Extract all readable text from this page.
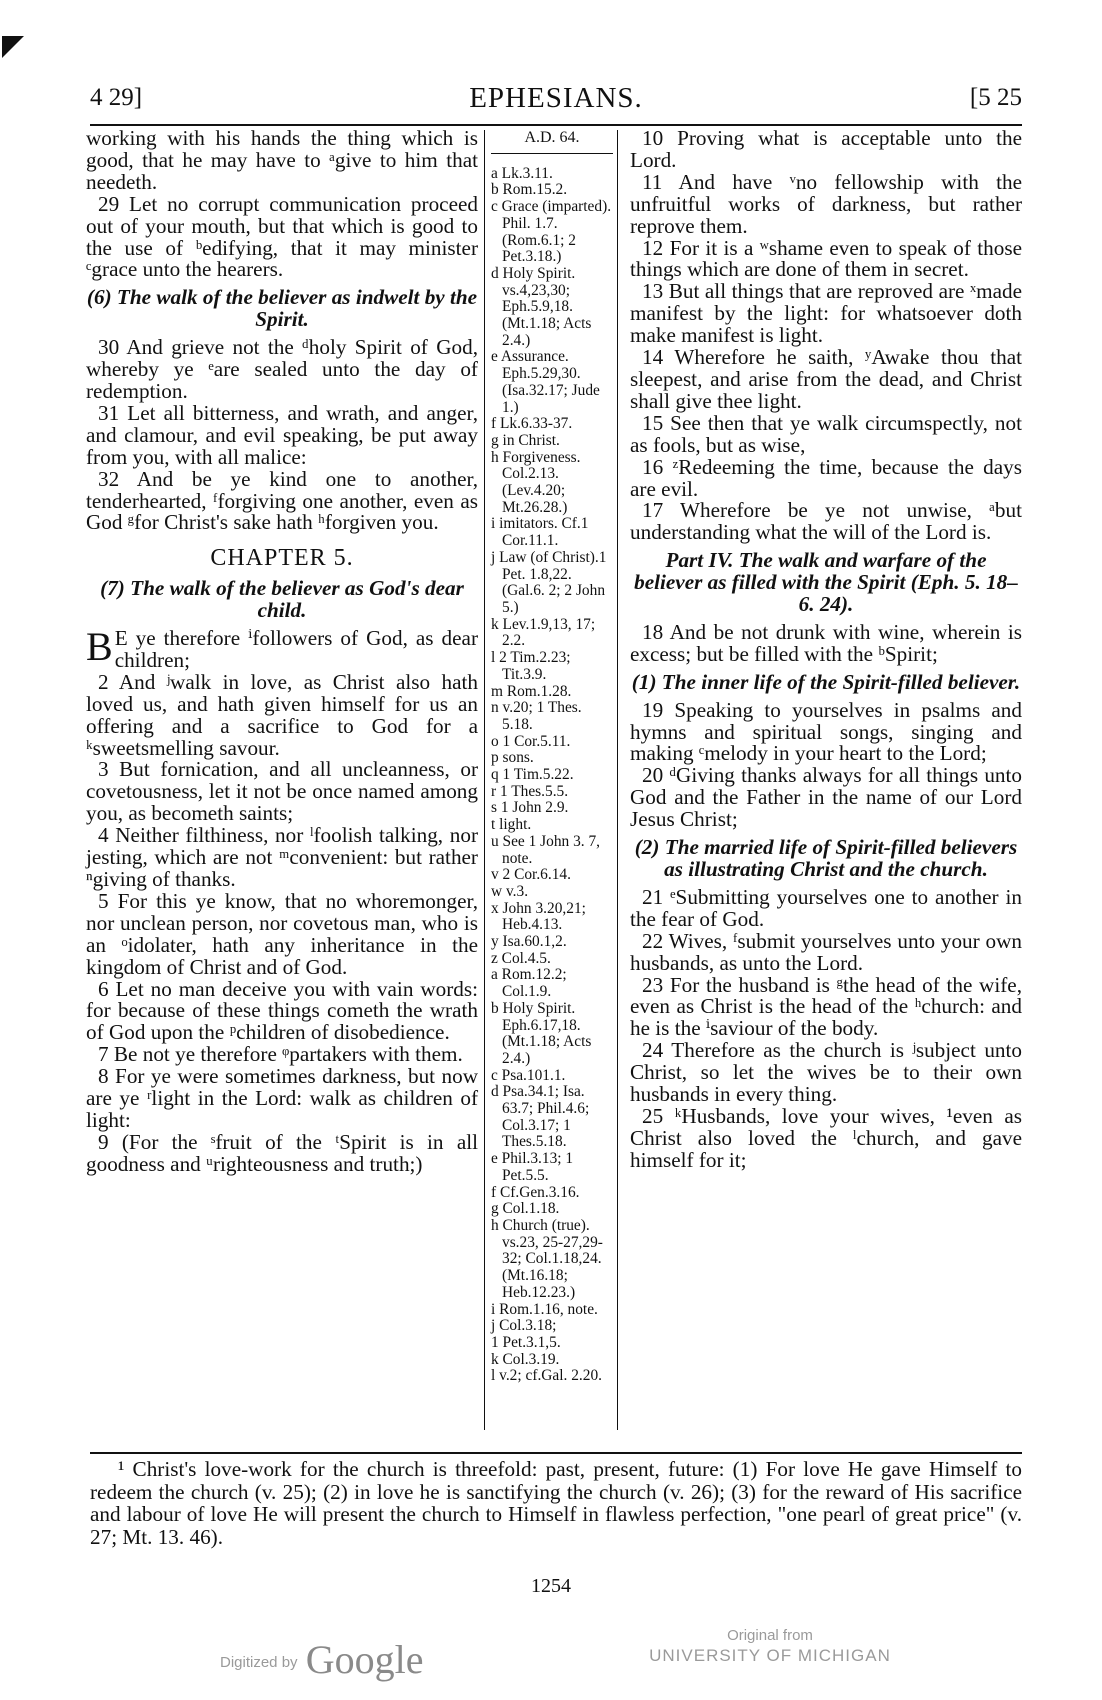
4 29]	EPHESIANS.	[5 25

working with his hands the thing which is good, that he may have to ᵃgive to him that needeth.

29 Let no corrupt communication proceed out of your mouth, but that which is good to the use of ᵇedifying, that it may minister ᶜgrace unto the hearers.

(6) The walk of the believer as indwelt by the Spirit.

30 And grieve not the ᵈholy Spirit of God, whereby ye ᵉare sealed unto the day of redemption.

31 Let all bitterness, and wrath, and anger, and clamour, and evil speaking, be put away from you, with all malice:

32 And be ye kind one to another, tenderhearted, ᶠforgiving one another, even as God ᵍfor Christ's sake hath ʰforgiven you.

CHAPTER 5.

(7) The walk of the believer as God's dear child.

B E ye therefore ⁱfollowers of God, as dear children;

2 And ʲwalk in love, as Christ also hath loved us, and hath given himself for us an offering and a sacrifice to God for a ᵏsweetsmelling savour.

3 But fornication, and all uncleanness, or covetousness, let it not be once named among you, as becometh saints;

4 Neither filthiness, nor ˡfoolish talking, nor jesting, which are not ᵐconvenient: but rather ⁿgiving of thanks.

5 For this ye know, that no whoremonger, nor unclean person, nor covetous man, who is an ᵒidolater, hath any inheritance in the kingdom of Christ and of God.

6 Let no man deceive you with vain words: for because of these things cometh the wrath of God upon the ᵖchildren of disobedience.

7 Be not ye therefore ᵠpartakers with them.

8 For ye were sometimes darkness, but now are ye ʳlight in the Lord: walk as children of light:

9 (For the ˢfruit of the ᵗSpirit is in all goodness and ᵘrighteousness and truth;)

A.D. 64.

a Lk.3.11.

b Rom.15.2.

c Grace (imparted). Phil. 1.7. (Rom.6.1; 2 Pet.3.18.)

d Holy Spirit. vs.4,23,30; Eph.5.9,18. (Mt.1.18; Acts 2.4.)

e Assurance. Eph.5.29,30. (Isa.32.17; Jude 1.)

f Lk.6.33-37.

g in Christ.

h Forgiveness. Col.2.13. (Lev.4.20; Mt.26.28.)

i imitators. Cf.1 Cor.11.1.

j Law (of Christ).1 Pet. 1.8,22. (Gal.6. 2; 2 John 5.)

k Lev.1.9,13, 17; 2.2.

l 2 Tim.2.23; Tit.3.9.

m Rom.1.28.

n v.20; 1 Thes. 5.18.

o 1 Cor.5.11.

p sons.

q 1 Tim.5.22.

r 1 Thes.5.5.

s 1 John 2.9.

t light.

u See 1 John 3. 7, note.

v 2 Cor.6.14.

w v.3.

x John 3.20,21; Heb.4.13.

y Isa.60.1,2.

z Col.4.5.

a Rom.12.2; Col.1.9.

b Holy Spirit. Eph.6.17,18. (Mt.1.18; Acts 2.4.)

c Psa.101.1.

d Psa.34.1; Isa. 63.7; Phil.4.6; Col.3.17; 1 Thes.5.18.

e Phil.3.13; 1 Pet.5.5.

f Cf.Gen.3.16.

g Col.1.18.

h Church (true). vs.23, 25-27,29-32; Col.1.18,24. (Mt.16.18; Heb.12.23.)

i Rom.1.16, note.

j Col.3.18;

1 Pet.3.1,5.

k Col.3.19.

l v.2; cf.Gal. 2.20.

10 Proving what is acceptable unto the Lord.

11 And have ᵛno fellowship with the unfruitful works of darkness, but rather reprove them.

12 For it is a ʷshame even to speak of those things which are done of them in secret.

13 But all things that are reproved are ˣmade manifest by the light: for whatsoever doth make manifest is light.

14 Wherefore he saith, ʸAwake thou that sleepest, and arise from the dead, and Christ shall give thee light.

15 See then that ye walk circumspectly, not as fools, but as wise,

16 ᶻRedeeming the time, because the days are evil.

17 Wherefore be ye not unwise, ᵃbut understanding what the will of the Lord is.

Part IV. The walk and warfare of the believer as filled with the Spirit (Eph. 5. 18–6. 24).

18 And be not drunk with wine, wherein is excess; but be filled with the ᵇSpirit;

(1) The inner life of the Spirit-filled believer.

19 Speaking to yourselves in psalms and hymns and spiritual songs, singing and making ᶜmelody in your heart to the Lord;

20 ᵈGiving thanks always for all things unto God and the Father in the name of our Lord Jesus Christ;

(2) The married life of Spirit-filled believers as illustrating Christ and the church.

21 ᵉSubmitting yourselves one to another in the fear of God.

22 Wives, ᶠsubmit yourselves unto your own husbands, as unto the Lord.

23 For the husband is ᵍthe head of the wife, even as Christ is the head of the ʰchurch: and he is the ⁱsaviour of the body.

24 Therefore as the church is ʲsubject unto Christ, so let the wives be to their own husbands in every thing.

25 ᵏHusbands, love your wives, ¹even as Christ also loved the ˡchurch, and gave himself for it;

¹ Christ's love-work for the church is threefold: past, present, future: (1) For love He gave Himself to redeem the church (v. 25); (2) in love he is sanctifying the church (v. 26); (3) for the reward of His sacrifice and labour of love He will present the church to Himself in flawless perfection, "one pearl of great price" (v. 27; Mt. 13. 46).

1254
Digitized by Google
Original from
UNIVERSITY OF MICHIGAN
